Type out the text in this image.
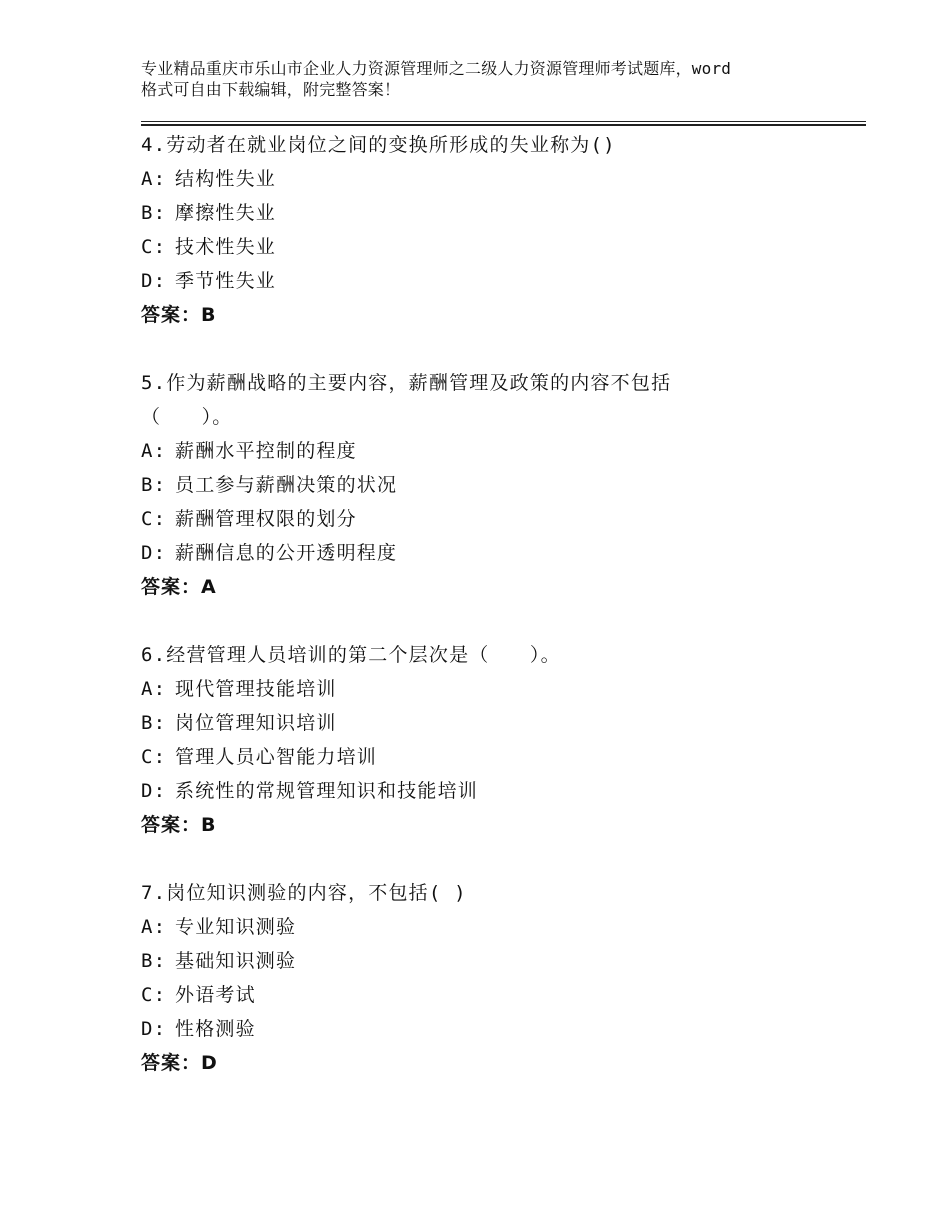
专业精品重庆市乐山市企业人力资源管理师之二级人力资源管理师考试题库，word
格式可自由下载编辑，附完整答案！
4.劳动者在就业岗位之间的变换所形成的失业称为()
A: 结构性失业
B: 摩擦性失业
C: 技术性失业
D: 季节性失业
答案：B
5.作为薪酬战略的主要内容，薪酬管理及政策的内容不包括
（　　）。
A: 薪酬水平控制的程度
B: 员工参与薪酬决策的状况
C: 薪酬管理权限的划分
D: 薪酬信息的公开透明程度
答案：A
6.经营管理人员培训的第二个层次是（　　）。
A: 现代管理技能培训
B: 岗位管理知识培训
C: 管理人员心智能力培训
D: 系统性的常规管理知识和技能培训
答案：B
7.岗位知识测验的内容，不包括( )
A: 专业知识测验
B: 基础知识测验
C: 外语考试
D: 性格测验
答案：D
